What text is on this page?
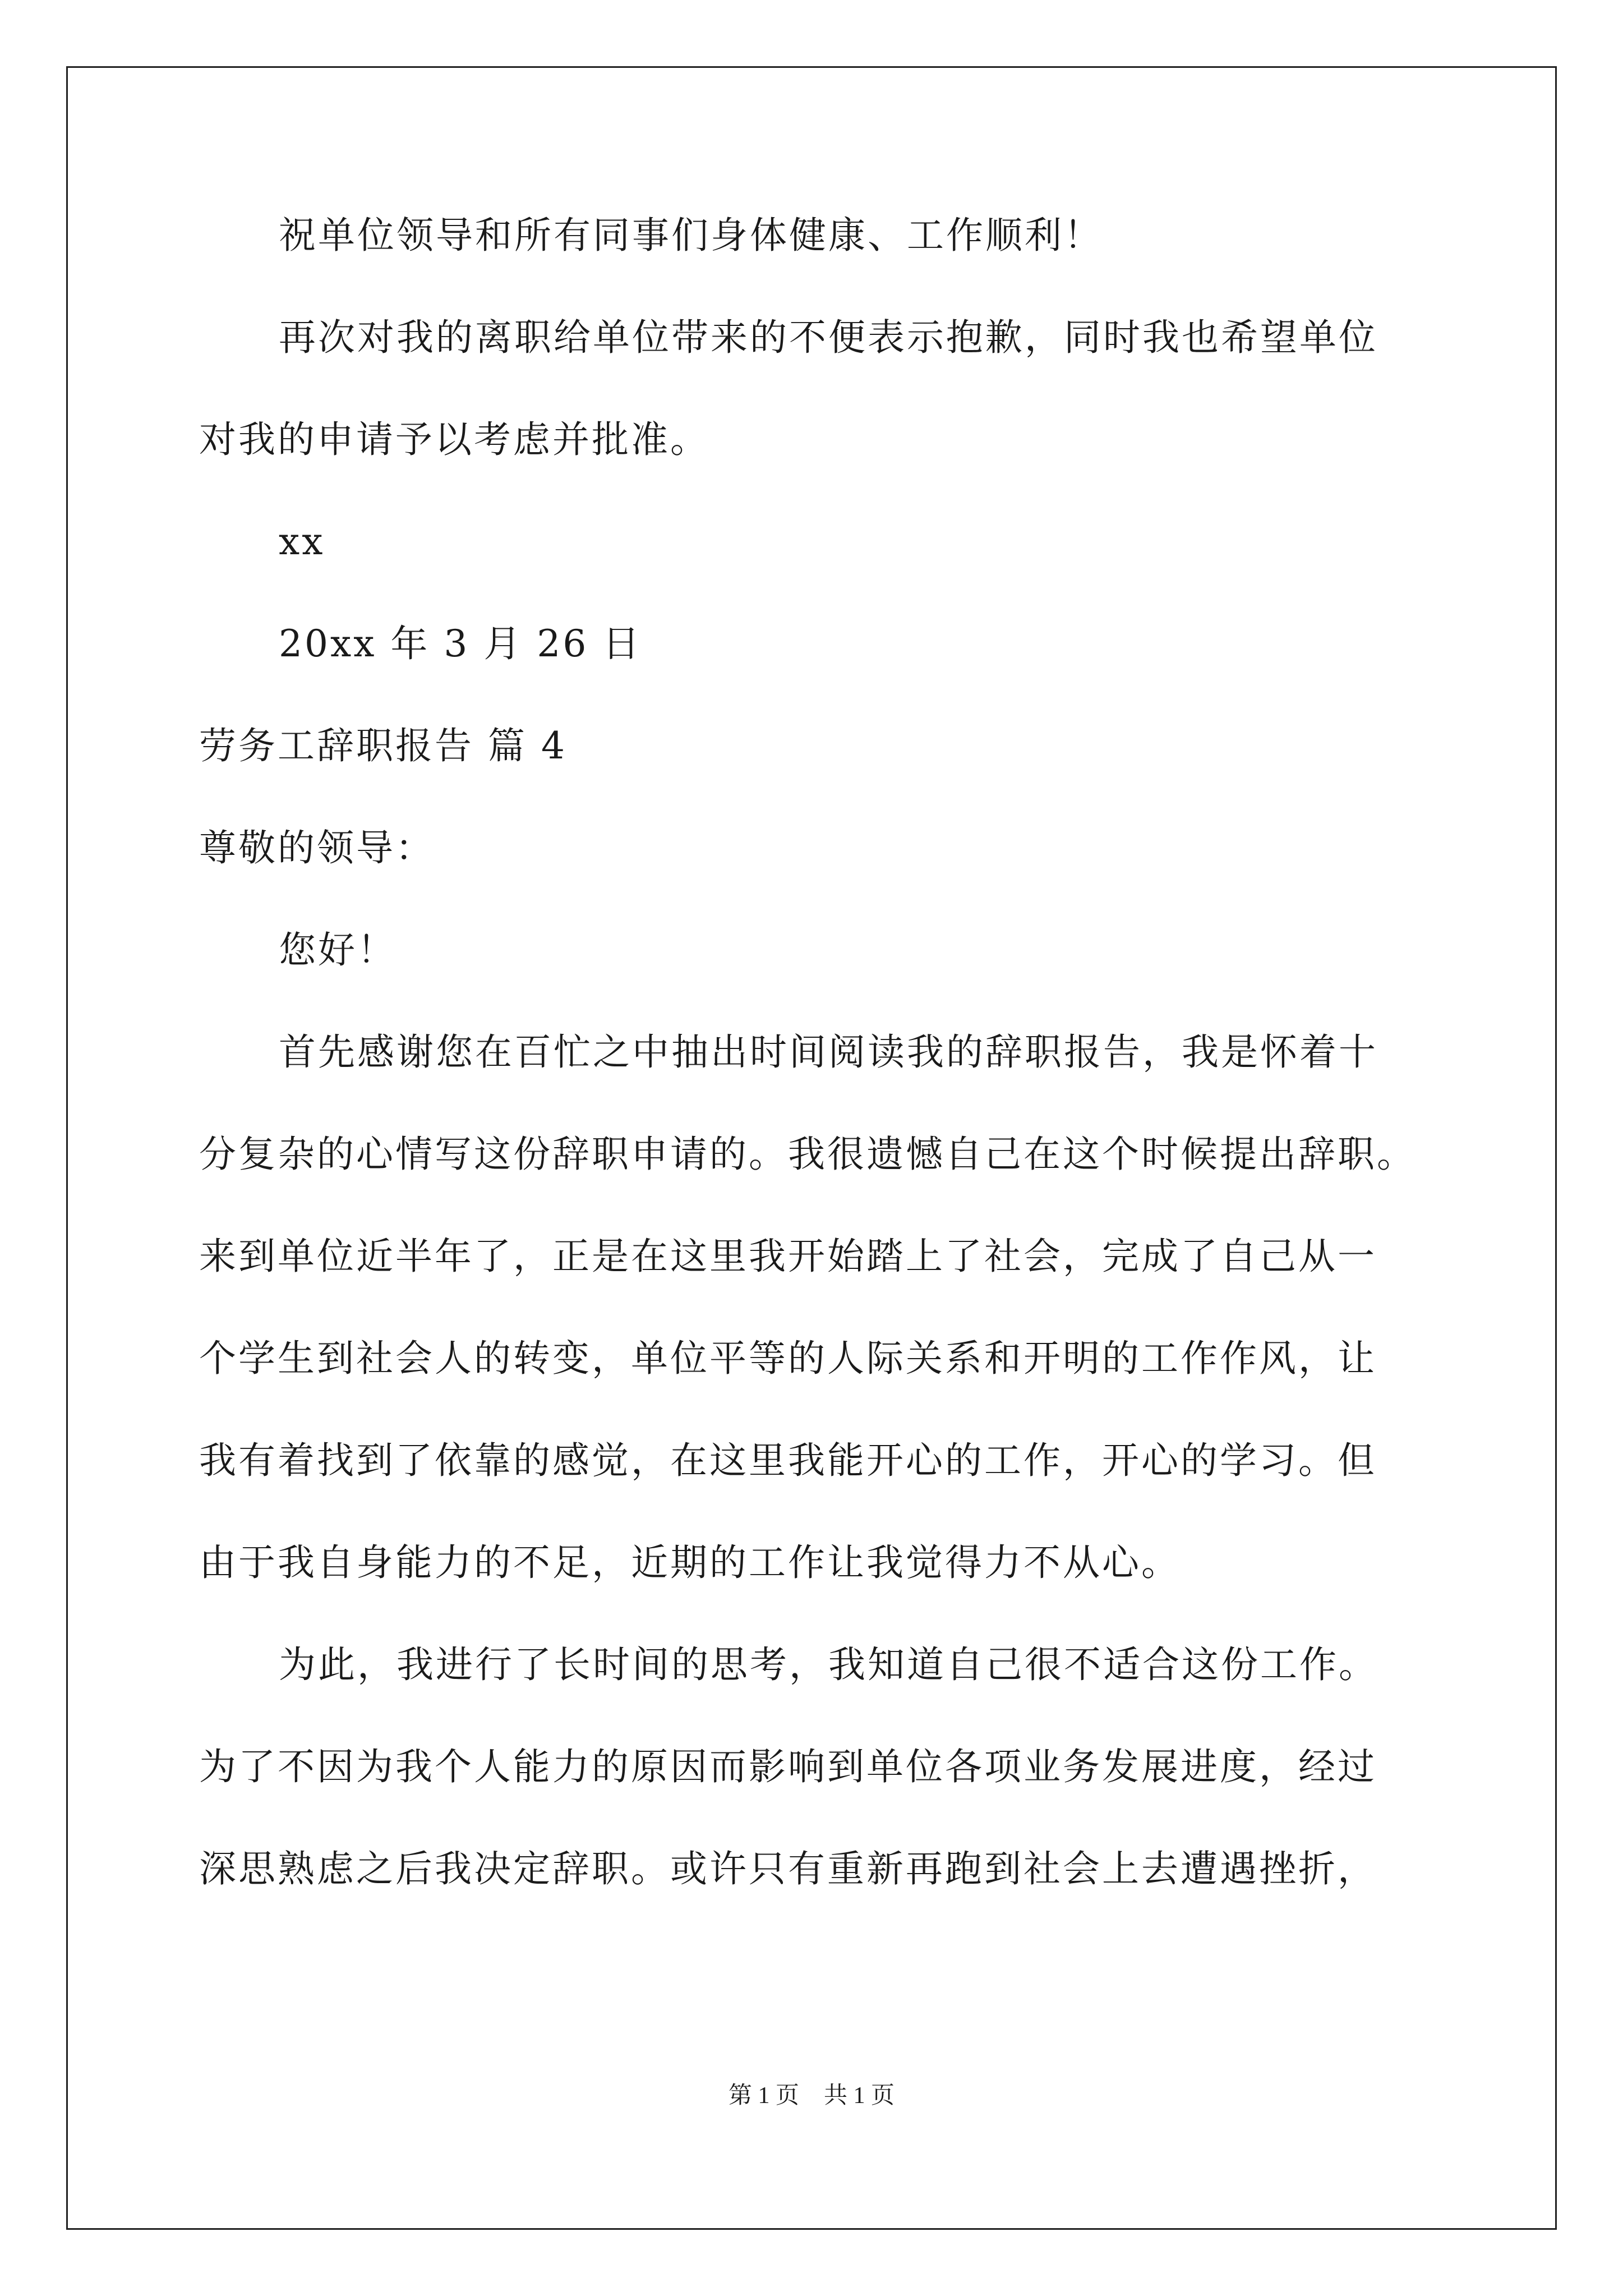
祝单位领导和所有同事们身体健康、工作顺利！
再次对我的离职给单位带来的不便表示抱歉，同时我也希望单位
对我的申请予以考虑并批准。
xx
20xx 年 3 月 26 日
劳务工辞职报告 篇 4
尊敬的领导：
您好！
首先感谢您在百忙之中抽出时间阅读我的辞职报告，我是怀着十
分复杂的心情写这份辞职申请的。我很遗憾自己在这个时候提出辞职。
来到单位近半年了，正是在这里我开始踏上了社会，完成了自己从一
个学生到社会人的转变，单位平等的人际关系和开明的工作作风，让
我有着找到了依靠的感觉，在这里我能开心的工作，开心的学习。但
由于我自身能力的不足，近期的工作让我觉得力不从心。
为此，我进行了长时间的思考，我知道自己很不适合这份工作。
为了不因为我个人能力的原因而影响到单位各项业务发展进度，经过
深思熟虑之后我决定辞职。或许只有重新再跑到社会上去遭遇挫折，
第 1 页 共 1 页
